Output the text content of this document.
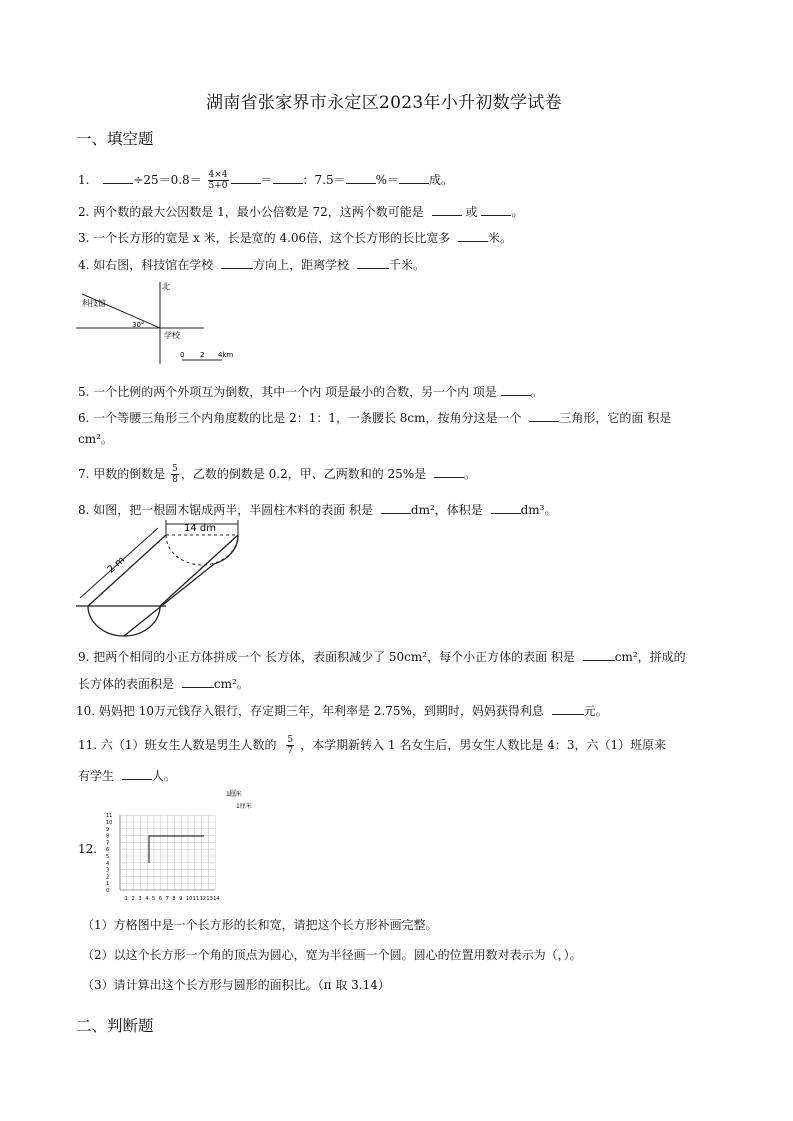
湖南省张家界市永定区2023年小升初数学试卷
一、填空题
1.	$\div 25=0.8= \frac{4\times 4}{5+0}$	＝	：7.5＝	%＝	成。
2. 两个数的最大公因数是 1，最小公倍数是 72，这两个数可能是	或	。
3. 一个长方形的宽是 x 米，长是宽的 4.06倍，这个长方形的长比宽多	米。
4. 如右图，科技馆在学校	方向上，距离学校	千米。
北
科技馆
30°
学校
0 2 4km
5. 一个比例的两个外项互为倒数，其中一个内 项是最小的合数，另一个内 项是	。
6. 一个等腰三角形三个内角度数的比是 2：1：1，一条腰长 8cm，按角分这是一个	三角形，它的面 积是
cm²。
7. 甲数的倒数是 $\frac{5}{8}$ ，乙数的倒数是 0.2，甲、乙两数和的 25%是	。
8. 如图，把一根圆木锯成两半，半圆柱木料的表面 积是	dm²，体积是	dm³。
14 dm
2 m
9. 把两个相同的小正方体拼成一个 长方体，表面积减少了 50cm²，每个小正方体的表面 积是	cm²，拼成的
长方体的表面积是	cm²。
10. 妈妈把 10万元钱存入银行，存定期三年，年利率是 2.75%，到期时，妈妈获得利息	元。
11. 六（1）班女生人数是男生人数的 $\frac{5}{7}$ ，本学期新转入 1 名女生后，男女生人数比是 4：3，六（1）班原来
有学生	人。
12.
11
10
9
8
7
6
5
4
3
2
1
0
1 2 3 4 5 6 7 8 9 10 11 12 13 14
1厘米
1厘米
（1）方格图中是一个长方形的长和宽，请把这个长方形补画完整。
（2）以这个长方形一个角的顶点为圆心，宽为半径画一个圆。圆心的位置用数对表示为（，）。
（3）请计算出这个长方形与圆形的面积比。（π 取 3.14）
二、判断题
